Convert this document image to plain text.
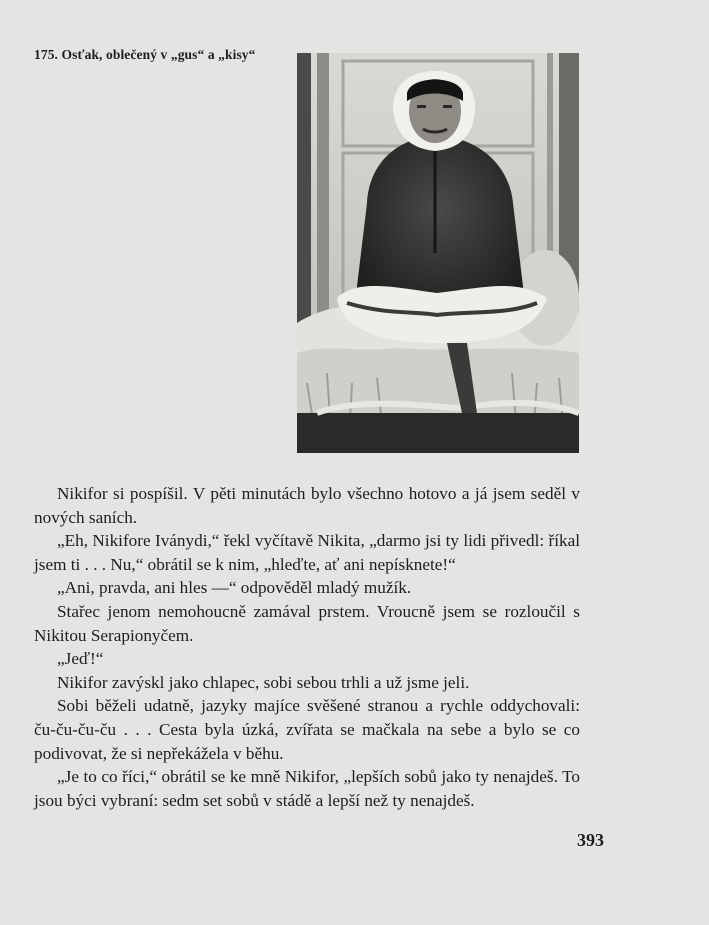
175. Osťak, oblečený v „gus“ a „kisy“

Nikifor si pospíšil. V pěti minutách bylo všechno hotovo a já jsem seděl v nových saních.

„Eh, Nikifore Iványdi,“ řekl vyčítavě Nikita, „darmo jsi ty lidi přivedl: říkal jsem ti . . . Nu,“ obrátil se k nim, „hleďte, ať ani nepísknete!“

„Ani, pravda, ani hles —“ odpověděl mladý mužík.

Stařec jenom nemohoucně zamával prstem. Vroucně jsem se rozloučil s Nikitou Serapionyčem.

„Jeď!“

Nikifor zavýskl jako chlapec, sobi sebou trhli a už jsme jeli.

Sobi běželi udatně, jazyky majíce svěšené stranou a rychle oddychovali: ču-ču-ču-ču . . . Cesta byla úzká, zvířata se mačkala na sebe a bylo se co podivovat, že si nepřekážela v běhu.

„Je to co říci,“ obrátil se ke mně Nikifor, „lepších sobů jako ty nenajdeš. To jsou býci vybraní: sedm set sobů v stádě a lepší než ty nenajdeš.

393
